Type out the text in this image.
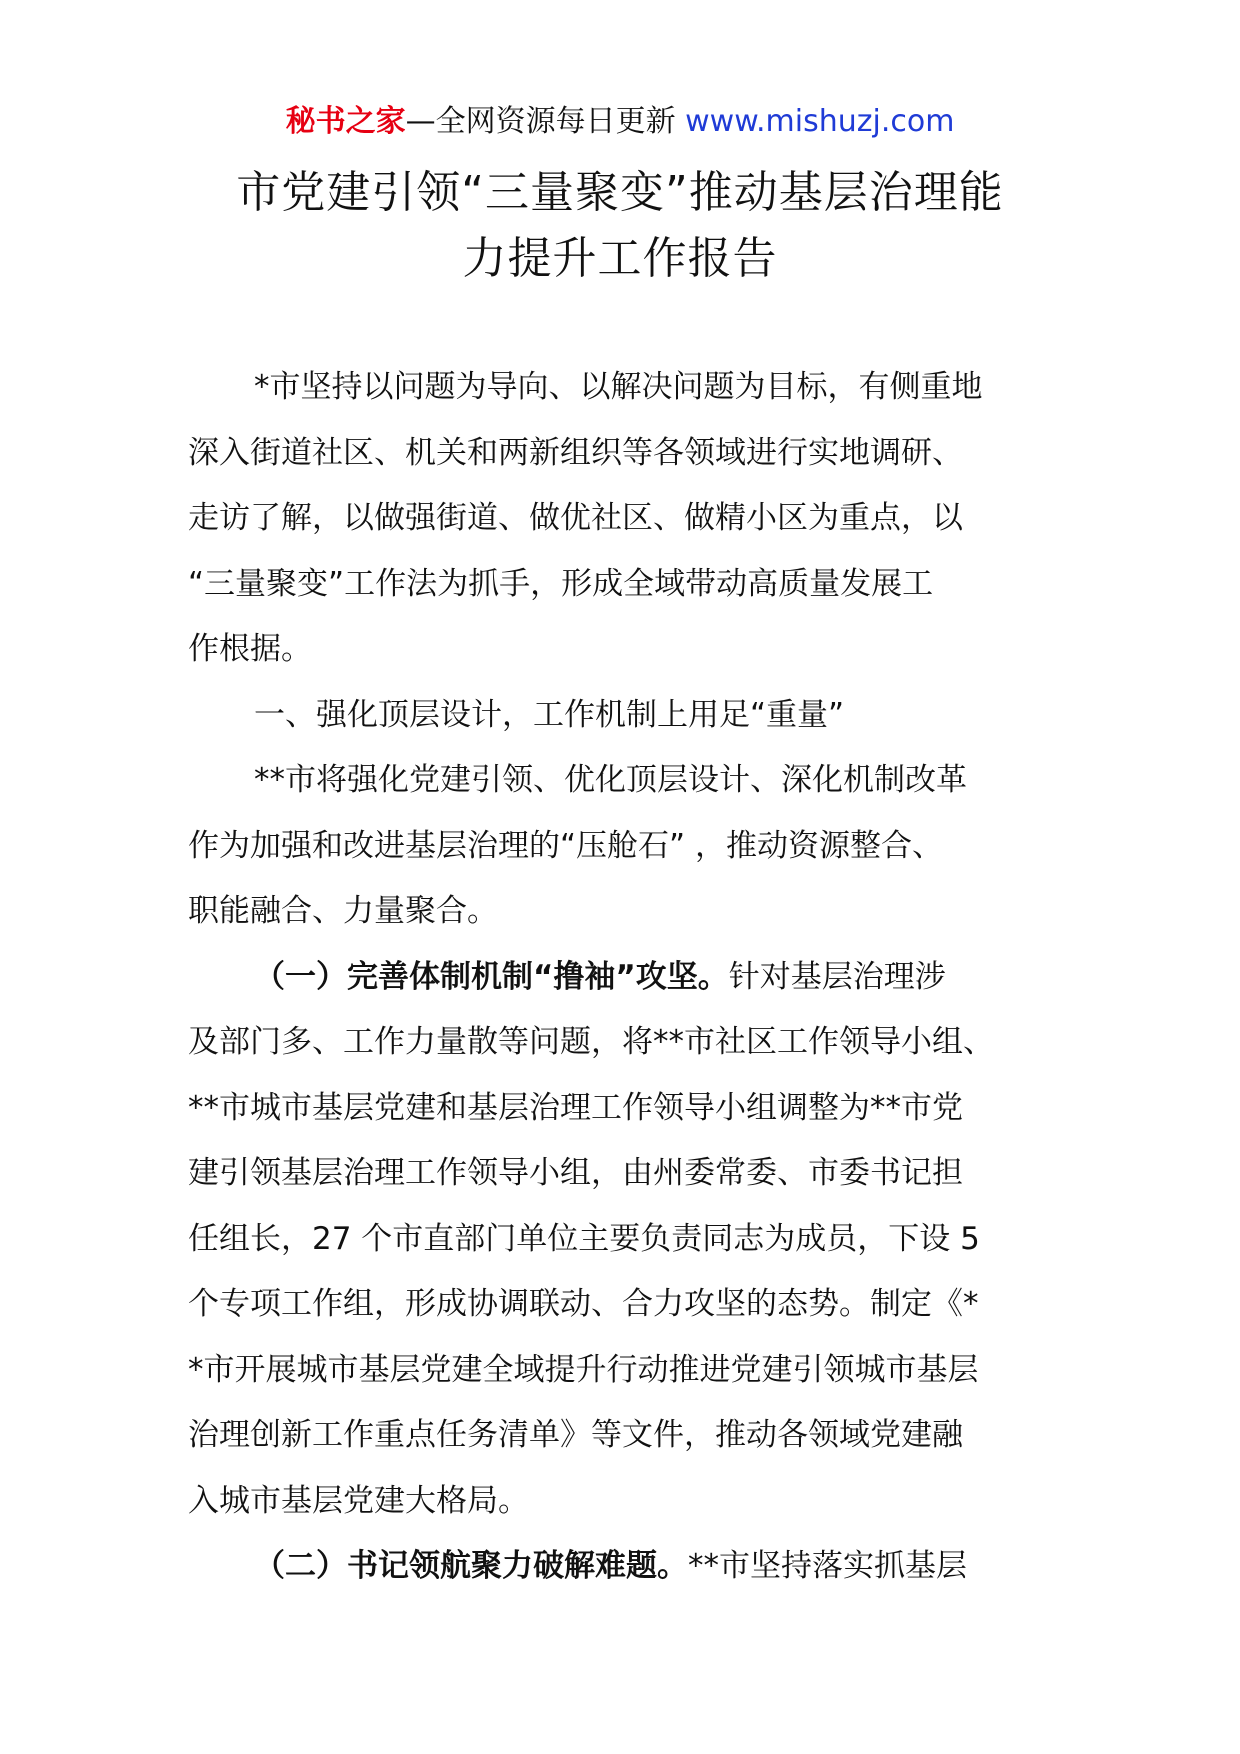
秘书之家—全网资源每日更新 www.mishuzj.com
市党建引领“三量聚变”推动基层治理能
力提升工作报告
*市坚持以问题为导向、以解决问题为目标，有侧重地
深入街道社区、机关和两新组织等各领域进行实地调研、
走访了解，以做强街道、做优社区、做精小区为重点，以
“三量聚变”工作法为抓手，形成全域带动高质量发展工
作根据。
一、强化顶层设计，工作机制上用足“重量”
**市将强化党建引领、优化顶层设计、深化机制改革
作为加强和改进基层治理的“压舱石” ，推动资源整合、
职能融合、力量聚合。
（一）完善体制机制“撸袖”攻坚。针对基层治理涉
及部门多、工作力量散等问题，将**市社区工作领导小组、
**市城市基层党建和基层治理工作领导小组调整为**市党
建引领基层治理工作领导小组，由州委常委、市委书记担
任组长，27 个市直部门单位主要负责同志为成员，下设 5
个专项工作组，形成协调联动、合力攻坚的态势。制定《*
*市开展城市基层党建全域提升行动推进党建引领城市基层
治理创新工作重点任务清单》等文件，推动各领域党建融
入城市基层党建大格局。
（二）书记领航聚力破解难题。**市坚持落实抓基层
